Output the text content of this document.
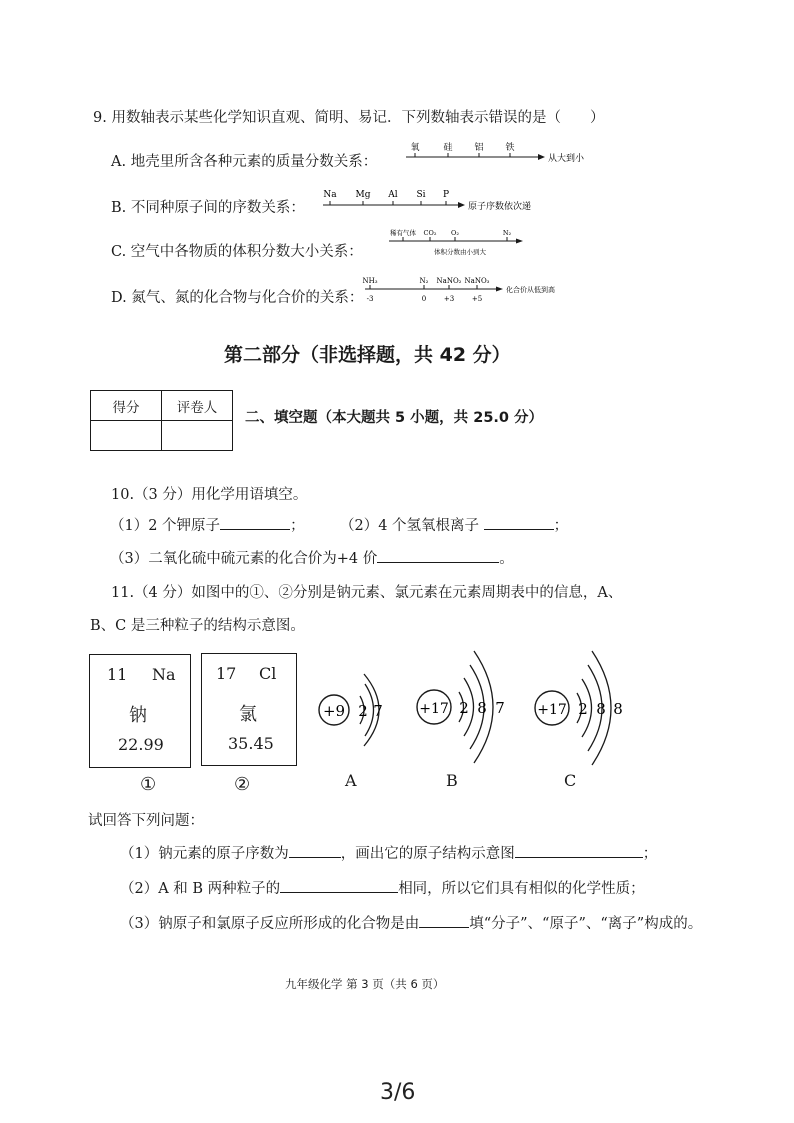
9. 用数轴表示某些化学知识直观、简明、易记．下列数轴表示错误的是（　　）
A. 地壳里所含各种元素的质量分数关系：
氧	硅 铝 铁
从大到小
B. 不同种原子间的序数关系：
Na Mg Al Si P
原子序数依次递
C. 空气中各物质的体积分数大小关系：
稀有气体 CO₂ O₂	N₂
体积分数由小到大
D. 氮气、氮的化合物与化合价的关系：
NH₃	N₂ NaNO₂ NaNO₃
-3	0	+3	+5
化合价从低到高
第二部分（非选择题，共 42 分）
得分	评卷人

二、填空题（本大题共 5 小题，共 25.0 分）
10.（3 分）用化学用语填空。
（1）2 个钾原子	； （2）4 个氢氧根离子	；
（3）二氧化硫中硫元素的化合价为+4 价	。
11.（4 分）如图中的①、②分别是钠元素、氯元素在元素周期表中的信息，A、
B、C 是三种粒子的结构示意图。
11 Na
钠
22.99
17 Cl
氯
35.45
①	②
+9 2 7
A
+17 2 8 7
B
+17 2 8 8
C
试回答下列问题：
（1）钠元素的原子序数为	，画出它的原子结构示意图	；
（2）A 和 B 两种粒子的	相同，所以它们具有相似的化学性质；
（3）钠原子和氯原子反应所形成的化合物是由	填“分子”、“原子”、“离子”构成的。
九年级化学 第 3 页（共 6 页）
3/6
